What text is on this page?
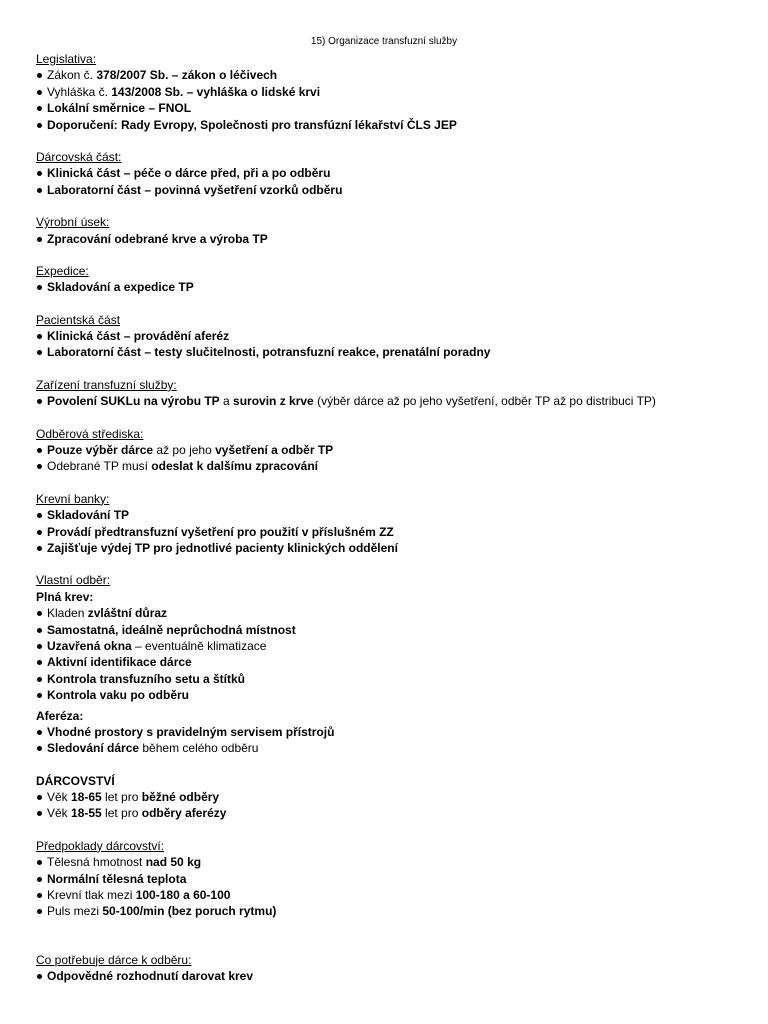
15) Organizace transfuzní služby
Legislativa:
Zákon č. 378/2007 Sb. – zákon o léčivech
Vyhláška č. 143/2008 Sb. – vyhláška o lidské krvi
Lokální směrnice – FNOL
Doporučení: Rady Evropy, Společnosti pro transfúzní lékařství ČLS JEP
Dárcovská část:
Klinická část – péče o dárce před, při a po odběru
Laboratorní část – povinná vyšetření vzorků odběru
Výrobní úsek:
Zpracování odebrané krve a výroba TP
Expedice:
Skladování a expedice TP
Pacientská část
Klinická část – provádění aferéz
Laboratorní část – testy slučitelnosti, potransfuzní reakce, prenatální poradny
Zařízení transfuzní služby:
Povolení SUKLu na výrobu TP a surovin z krve (výběr dárce až po jeho vyšetření, odběr TP až po distribuci TP)
Odběrová střediska:
Pouze výběr dárce až po jeho vyšetření a odběr TP
Odebrané TP musí odeslat k dalšímu zpracování
Krevní banky:
Skladování TP
Provádí předtransfuzní vyšetření pro použití v příslušném ZZ
Zajišťuje výdej TP pro jednotlivé pacienty klinických oddělení
Vlastní odběr:
Plná krev:
Kladen zvláštní důraz
Samostatná, ideálně neprůchodná místnost
Uzavřená okna – eventuálně klimatizace
Aktivní identifikace dárce
Kontrola transfuzního setu a štítků
Kontrola vaku po odběru
Aferéza:
Vhodné prostory s pravidelným servisem přístrojů
Sledování dárce během celého odběru
DÁRCOVSTVÍ
Věk 18-65 let pro běžné odběry
Věk 18-55 let pro odběry aferézy
Předpoklady dárcovství:
Tělesná hmotnost nad 50 kg
Normální tělesná teplota
Krevní tlak mezi 100-180 a 60-100
Puls mezi 50-100/min (bez poruch rytmu)
Co potřebuje dárce k odběru:
Odpovědné rozhodnutí darovat krev
